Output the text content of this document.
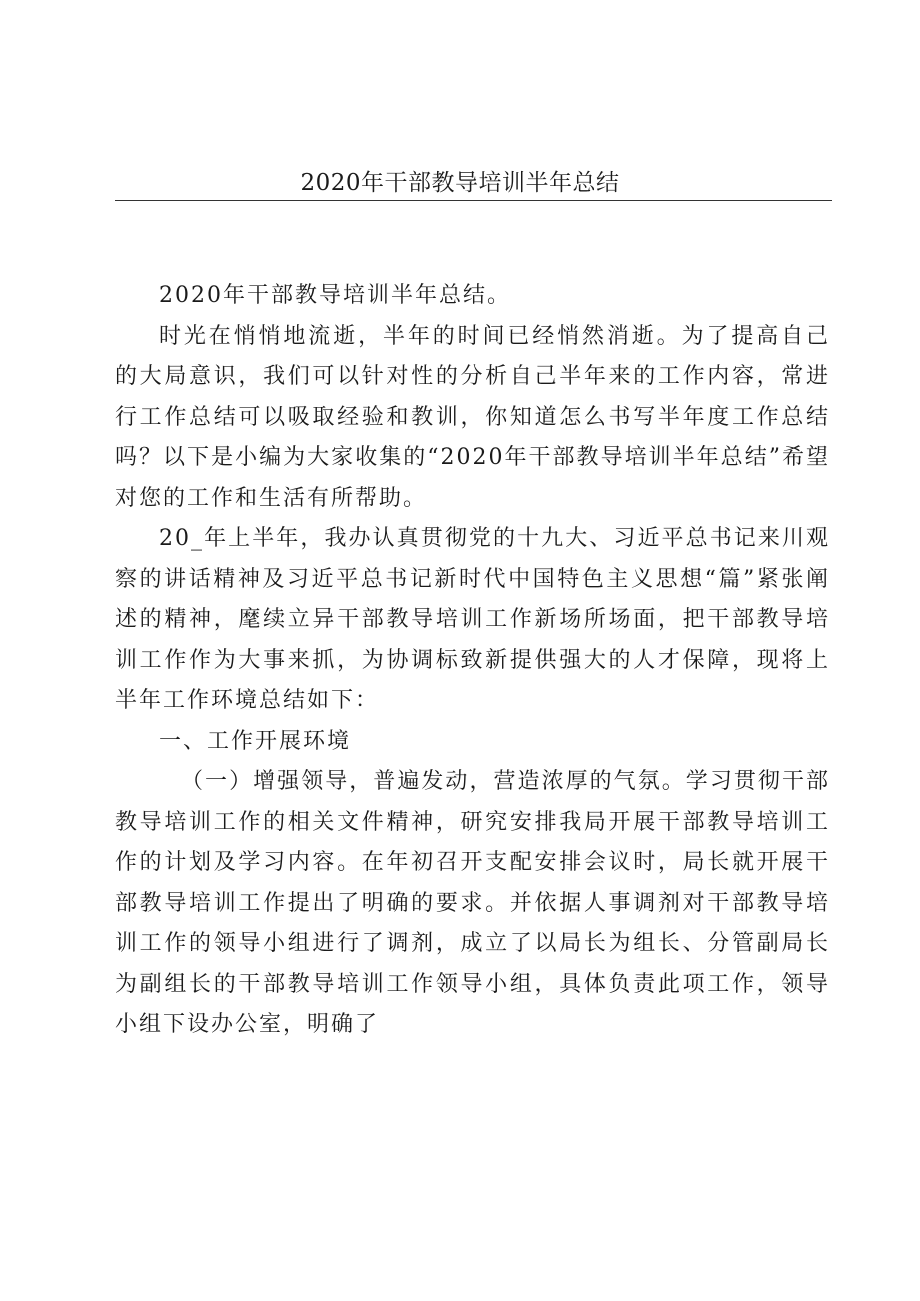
2020年干部教导培训半年总结

2020年干部教导培训半年总结。

时光在悄悄地流逝，半年的时间已经悄然消逝。为了提高自己的大局意识，我们可以针对性的分析自己半年来的工作内容，常进行工作总结可以吸取经验和教训，你知道怎么书写半年度工作总结吗？以下是小编为大家收集的“2020年干部教导培训半年总结”希望对您的工作和生活有所帮助。

20_年上半年，我办认真贯彻党的十九大、习近平总书记来川观察的讲话精神及习近平总书记新时代中国特色主义思想“篇”紧张阐述的精神，麾续立异干部教导培训工作新场所场面，把干部教导培训工作作为大事来抓，为协调标致新提供强大的人才保障，现将上半年工作环境总结如下：

一、工作开展环境

（一）增强领导，普遍发动，营造浓厚的气氛。学习贯彻干部教导培训工作的相关文件精神，研究安排我局开展干部教导培训工作的计划及学习内容。在年初召开支配安排会议时，局长就开展干部教导培训工作提出了明确的要求。并依据人事调剂对干部教导培训工作的领导小组进行了调剂，成立了以局长为组长、分管副局长为副组长的干部教导培训工作领导小组，具体负责此项工作，领导小组下设办公室，明确了
